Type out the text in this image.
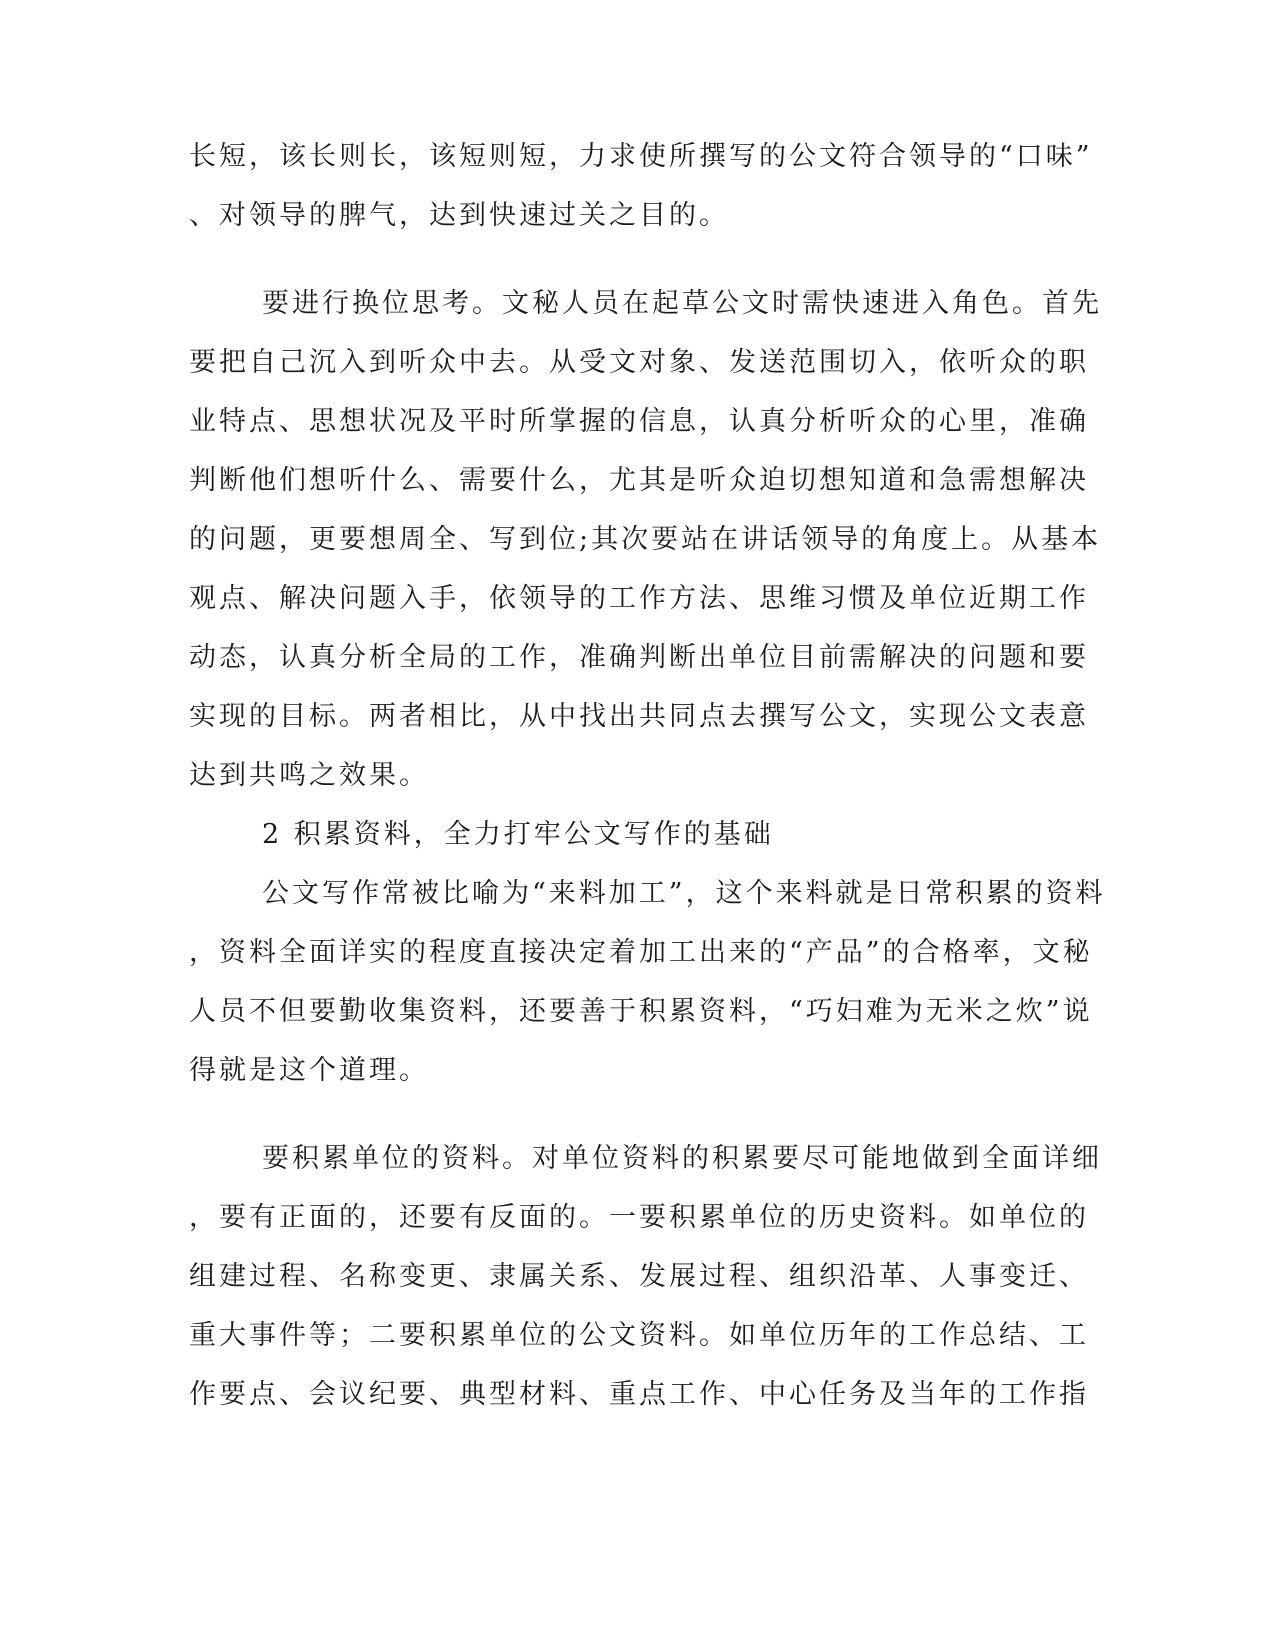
长短，该长则长，该短则短，力求使所撰写的公文符合领导的“口味”
、对领导的脾气，达到快速过关之目的。
要进行换位思考。文秘人员在起草公文时需快速进入角色。首先
要把自己沉入到听众中去。从受文对象、发送范围切入，依听众的职
业特点、思想状况及平时所掌握的信息，认真分析听众的心里，准确
判断他们想听什么、需要什么，尤其是听众迫切想知道和急需想解决
的问题，更要想周全、写到位;其次要站在讲话领导的角度上。从基本
观点、解决问题入手，依领导的工作方法、思维习惯及单位近期工作
动态，认真分析全局的工作，准确判断出单位目前需解决的问题和要
实现的目标。两者相比，从中找出共同点去撰写公文，实现公文表意
达到共鸣之效果。
2 积累资料，全力打牢公文写作的基础
公文写作常被比喻为“来料加工”，这个来料就是日常积累的资料
，资料全面详实的程度直接决定着加工出来的“产品”的合格率，文秘
人员不但要勤收集资料，还要善于积累资料，“巧妇难为无米之炊”说
得就是这个道理。
要积累单位的资料。对单位资料的积累要尽可能地做到全面详细
，要有正面的，还要有反面的。一要积累单位的历史资料。如单位的
组建过程、名称变更、隶属关系、发展过程、组织沿革、人事变迁、
重大事件等；二要积累单位的公文资料。如单位历年的工作总结、工
作要点、会议纪要、典型材料、重点工作、中心任务及当年的工作指
